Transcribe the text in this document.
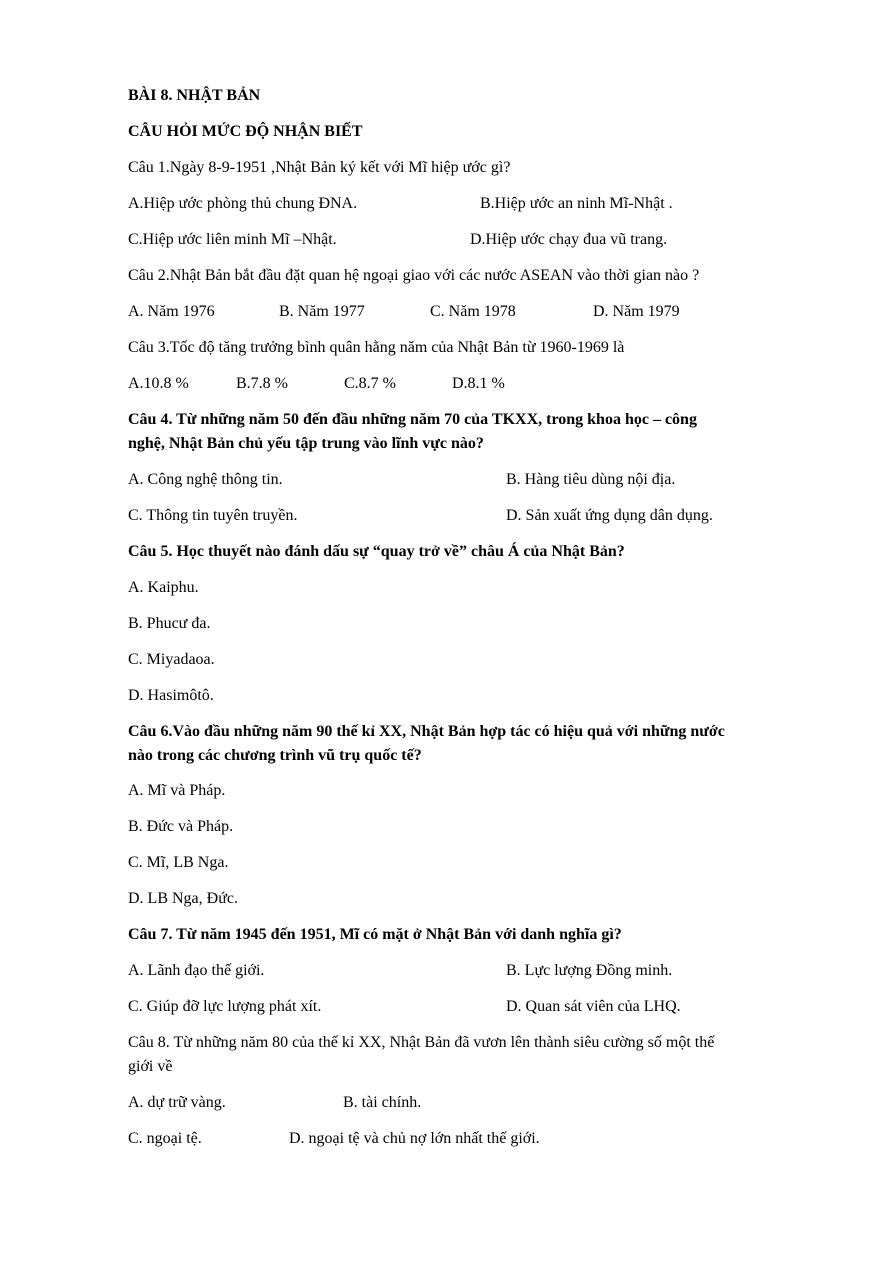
BÀI 8. NHẬT BẢN
CÂU HỎI MỨC ĐỘ NHẬN BIẾT
Câu 1.Ngày 8-9-1951 ,Nhật Bản ký kết với Mĩ hiệp ước gì?
A.Hiệp ước phòng thủ chung ĐNA.	B.Hiệp ước an ninh Mĩ-Nhật .
C.Hiệp ước liên minh Mĩ –Nhật.	D.Hiệp ước chạy đua vũ trang.
Câu 2.Nhật Bản bắt đầu đặt quan hệ ngoại giao với các nước ASEAN vào thời gian nào ?
A. Năm 1976	B. Năm 1977	C. Năm 1978	D. Năm 1979
Câu 3.Tốc độ tăng trưởng bình quân hằng năm của Nhật Bản từ 1960-1969 là
A.10.8 %	B.7.8 %	C.8.7 %	D.8.1 %
Câu 4. Từ những năm 50 đến đầu những năm 70 của TKXX, trong khoa học – công
nghệ, Nhật Bản chủ yếu tập trung vào lĩnh vực nào?
A. Công nghệ thông tin.	B. Hàng tiêu dùng nội địa.
C. Thông tin tuyên truyền.	D. Sản xuất ứng dụng dân dụng.
Câu 5. Học thuyết nào đánh dấu sự “quay trở về” châu Á của Nhật Bản?
A. Kaiphu.
B. Phucư đa.
C. Miyadaoa.
D. Hasimôtô.
Câu 6.Vào đầu những năm 90 thế kỉ XX, Nhật Bản hợp tác có hiệu quả với những nước
nào trong các chương trình vũ trụ quốc tế?
A. Mĩ và Pháp.
B. Đức và Pháp.
C. Mĩ, LB Nga.
D. LB Nga, Đức.
Câu 7. Từ năm 1945 đến 1951, Mĩ có mặt ở Nhật Bản với danh nghĩa gì?
A. Lãnh đạo thế giới.	B. Lực lượng Đồng minh.
C. Giúp đỡ lực lượng phát xít.	D. Quan sát viên của LHQ.
Câu 8. Từ những năm 80 của thế kỉ XX, Nhật Bản đã vươn lên thành siêu cường số một thế
giới về
A. dự trữ vàng.	B. tài chính.
C. ngoại tệ.	D. ngoại tệ và chủ nợ lớn nhất thế giới.
